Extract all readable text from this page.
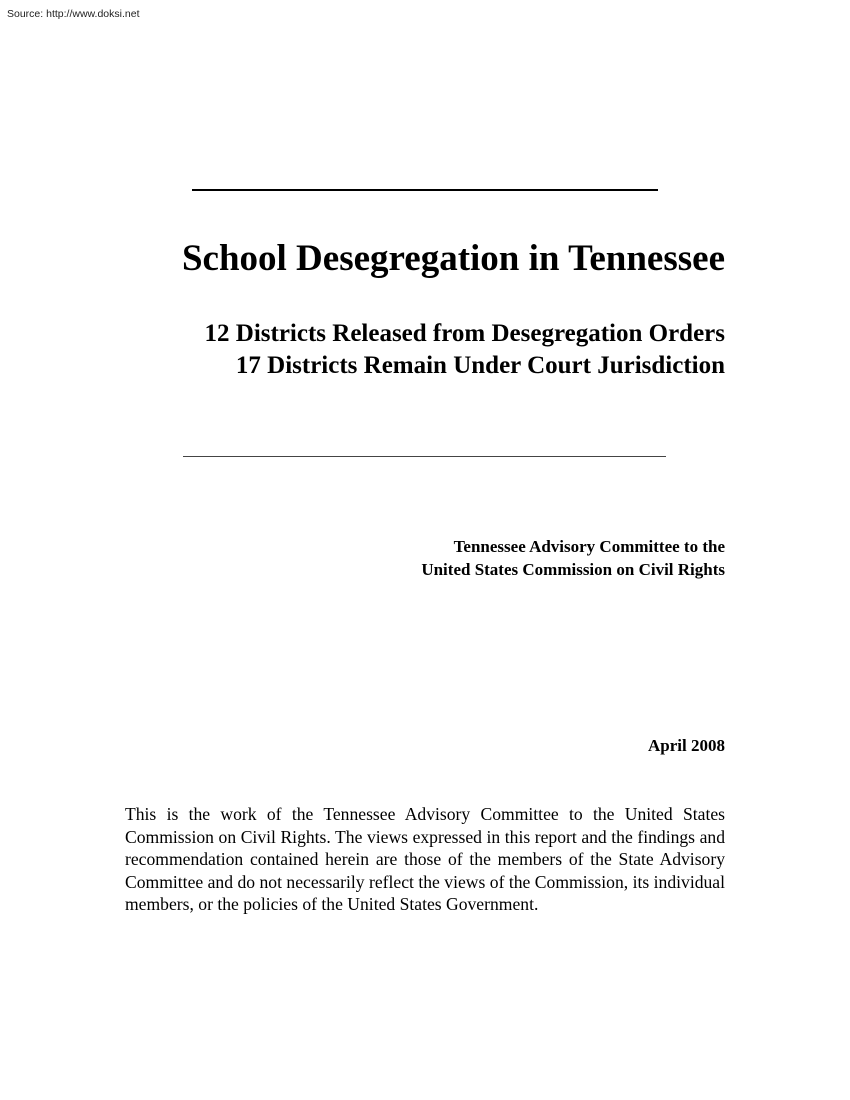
Source: http://www.doksi.net
School Desegregation in Tennessee
12 Districts Released from Desegregation Orders
17 Districts Remain Under Court Jurisdiction
Tennessee Advisory Committee to the
United States Commission on Civil Rights
April 2008

This is the work of the Tennessee Advisory Committee to the United States Commission on Civil Rights. The views expressed in this report and the findings and recommendation contained herein are those of the members of the State Advisory Committee and do not necessarily reflect the views of the Commission, its individual members, or the policies of the United States Government.
